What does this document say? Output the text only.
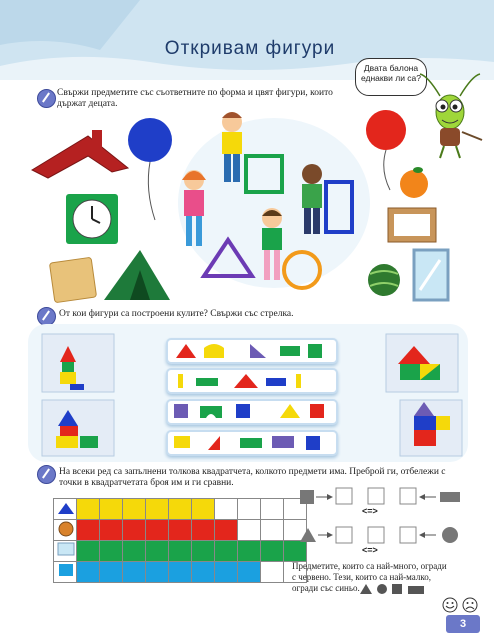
Откривам фигури
Двата балона еднакви ли са?
Свържи предметите със съответните по форма и цвят фигури, които държат децата.
От кои фигури са построени кулите? Свържи със стрелка.
На всеки ред са запълнени толкова квадратчета, колкото предмети има. Преброй ги, отбележи с точки в квадратчетата броя им и ги сравни.

<=>
<=>
Предметите, които са най-много, огради с червено. Тези, които са най-малко, огради със синьо.
3
